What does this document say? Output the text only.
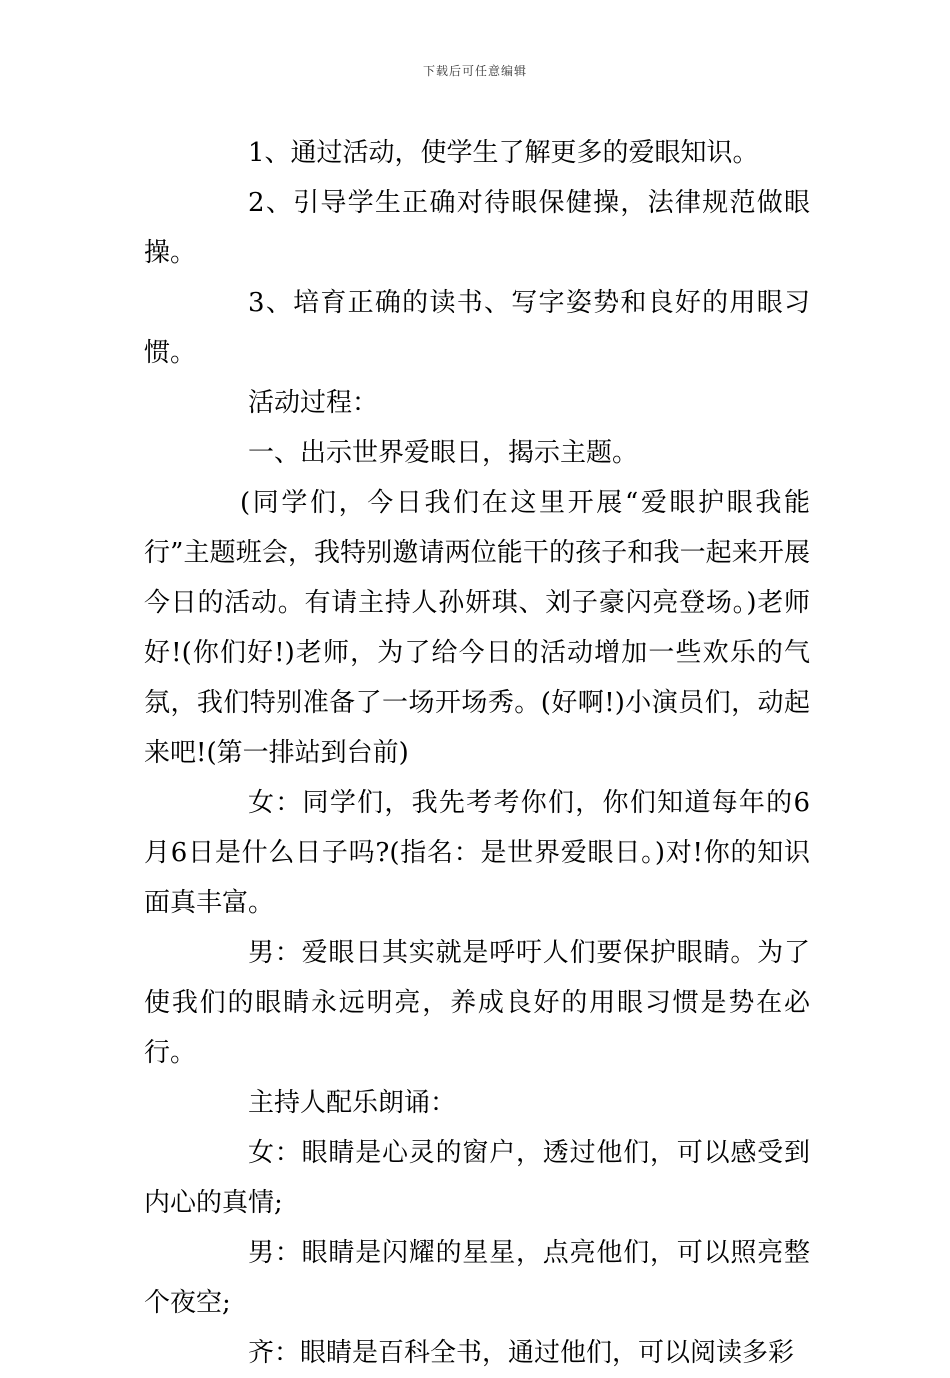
下载后可任意编辑

1、通过活动，使学生了解更多的爱眼知识。

2、引导学生正确对待眼保健操，法律规范做眼操。

3、培育正确的读书、写字姿势和良好的用眼习惯。

活动过程：

一、出示世界爱眼日，揭示主题。

(同学们，今日我们在这里开展“爱眼护眼我能行”主题班会，我特别邀请两位能干的孩子和我一起来开展今日的活动。有请主持人孙妍琪、刘子豪闪亮登场。)老师好!(你们好!)老师，为了给今日的活动增加一些欢乐的气氛，我们特别准备了一场开场秀。(好啊!)小演员们，动起来吧!(第一排站到台前)

女：同学们，我先考考你们，你们知道每年的6月6日是什么日子吗?(指名：是世界爱眼日。)对!你的知识面真丰富。

男：爱眼日其实就是呼吁人们要保护眼睛。为了使我们的眼睛永远明亮，养成良好的用眼习惯是势在必行。

主持人配乐朗诵：

女：眼睛是心灵的窗户，透过他们，可以感受到内心的真情;

男：眼睛是闪耀的星星，点亮他们，可以照亮整个夜空;

齐：眼睛是百科全书，通过他们，可以阅读多彩
